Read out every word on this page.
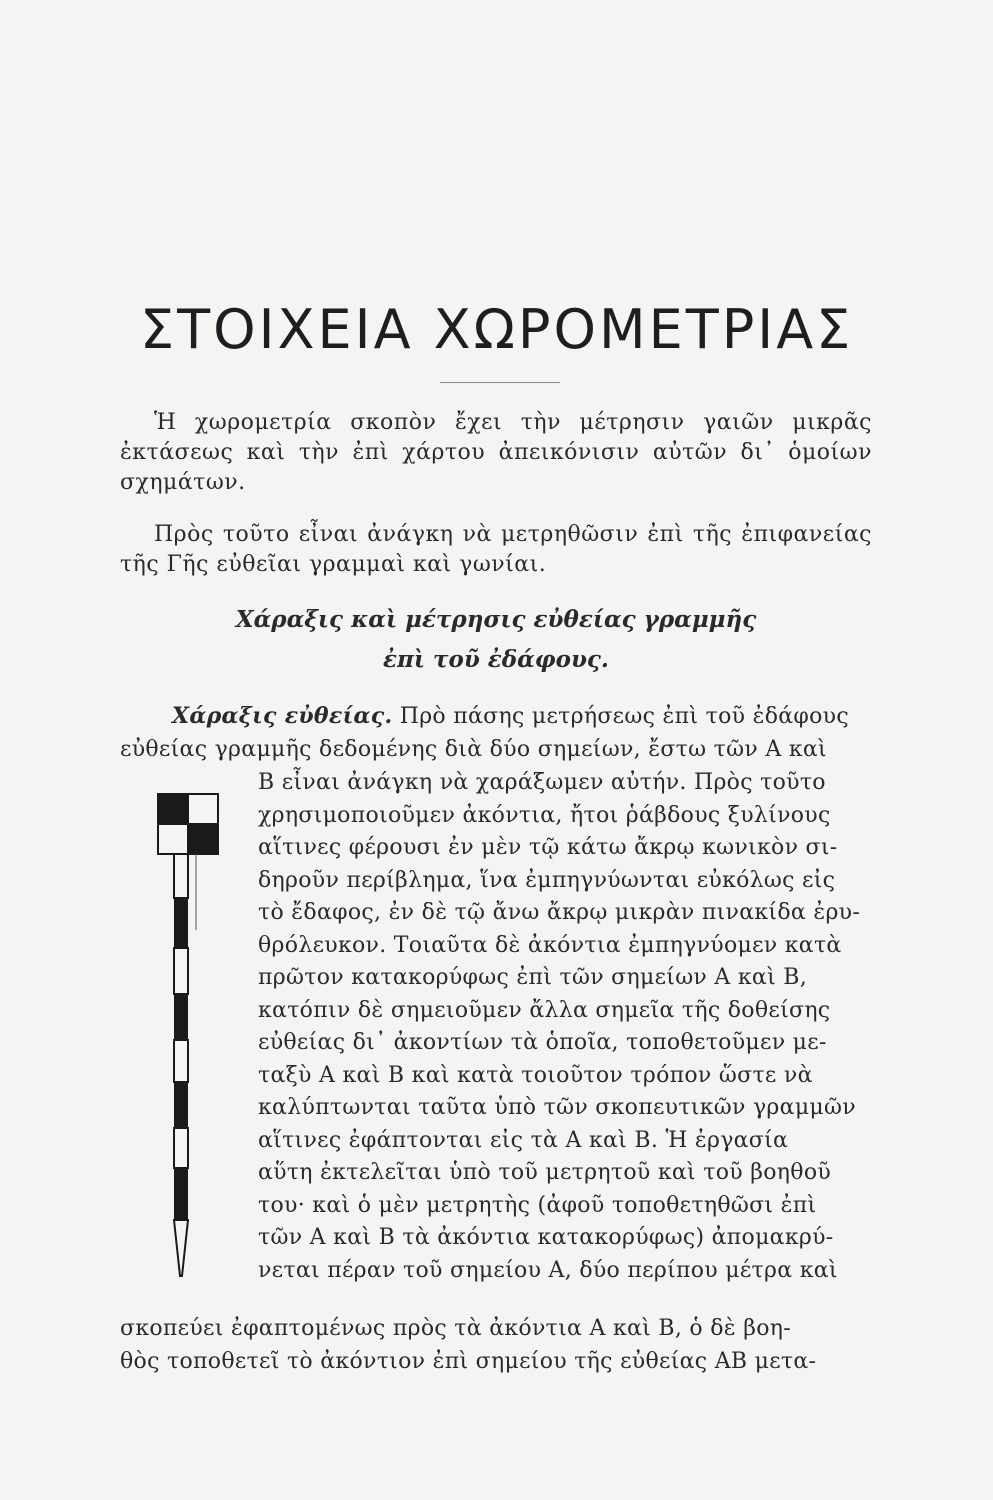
ΣΤΟΙΧΕΙΑ ΧΩΡΟΜΕΤΡΙΑΣ
Ἡ χωρομετρία σκοπὸν ἔχει τὴν μέτρησιν γαιῶν μικρᾶς ἐκτάσεως καὶ τὴν ἐπὶ χάρτου ἀπεικόνισιν αὐτῶν δι᾽ ὁμοίων σχημάτων.
Πρὸς τοῦτο εἶναι ἀνάγκη νὰ μετρηθῶσιν ἐπὶ τῆς ἐπιφανείας τῆς Γῆς εὐθεῖαι γραμμαὶ καὶ γωνίαι.
Χάραξις καὶ μέτρησις εὐθείας γραμμῆς
ἐπὶ τοῦ ἐδάφους.
Χάραξις εὐθείας. Πρὸ πάσης μετρήσεως ἐπὶ τοῦ ἐδάφους
εὐθείας γραμμῆς δεδομένης διὰ δύο σημείων, ἔστω τῶν Α καὶ
Β εἶναι ἀνάγκη νὰ χαράξωμεν αὐτήν. Πρὸς τοῦτο
χρησιμοποιοῦμεν ἀκόντια, ἤτοι ῥάβδους ξυλίνους
αἵτινες φέρουσι ἐν μὲν τῷ κάτω ἄκρῳ κωνικὸν σι-
δηροῦν περίβλημα, ἵνα ἐμπηγνύωνται εὐκόλως εἰς
τὸ ἔδαφος, ἐν δὲ τῷ ἄνω ἄκρῳ μικρὰν πινακίδα ἐρυ-
θρόλευκον. Τοιαῦτα δὲ ἀκόντια ἐμπηγνύομεν κατὰ
πρῶτον κατακορύφως ἐπὶ τῶν σημείων Α καὶ Β,
κατόπιν δὲ σημειοῦμεν ἄλλα σημεῖα τῆς δοθείσης
εὐθείας δι᾽ ἀκοντίων τὰ ὁποῖα, τοποθετοῦμεν με-
ταξὺ Α καὶ Β καὶ κατὰ τοιοῦτον τρόπον ὥστε νὰ
καλύπτωνται ταῦτα ὑπὸ τῶν σκοπευτικῶν γραμμῶν
αἵτινες ἐφάπτονται εἰς τὰ Α καὶ Β. Ἡ ἐργασία
αὕτη ἐκτελεῖται ὑπὸ τοῦ μετρητοῦ καὶ τοῦ βοηθοῦ
του· καὶ ὁ μὲν μετρητὴς (ἀφοῦ τοποθετηθῶσι ἐπὶ
τῶν Α καὶ Β τὰ ἀκόντια κατακορύφως) ἀπομακρύ-
νεται πέραν τοῦ σημείου Α, δύο περίπου μέτρα καὶ
σκοπεύει ἐφαπτομένως πρὸς τὰ ἀκόντια Α καὶ Β, ὁ δὲ βοη-
θὸς τοποθετεῖ τὸ ἀκόντιον ἐπὶ σημείου τῆς εὐθείας ΑΒ μετα-
